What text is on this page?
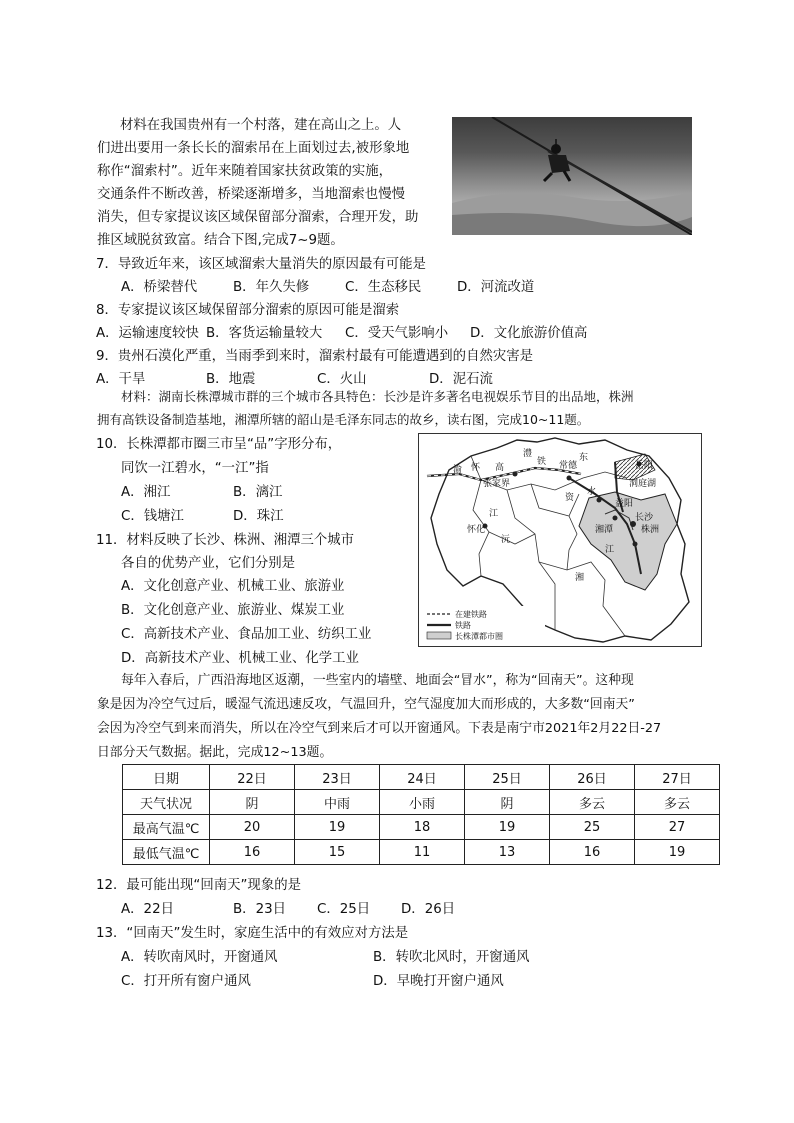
材料在我国贵州有一个村落，建在高山之上。人
们进出要用一条长长的溜索吊在上面划过去,被形象地
称作“溜索村”。近年来随着国家扶贫政策的实施，
交通条件不断改善，桥梁逐渐增多，当地溜索也慢慢
消失，但专家提议该区域保留部分溜索，合理开发，助
推区域脱贫致富。结合下图,完成7~9题。
7．导致近年来，该区域溜索大量消失的原因最有可能是
A．桥梁替代	B．年久失修	C．生态移民	D．河流改道
8．专家提议该区域保留部分溜索的原因可能是溜索
A．运输速度较快 B．客货运输量较大 C．受天气影响小 D．文化旅游价值高
9．贵州石漠化严重，当雨季到来时，溜索村最有可能遭遇到的自然灾害是
A．干旱	B．地震	C．火山	D．泥石流
材料：湖南长株潭城市群的三个城市各具特色：长沙是许多著名电视娱乐节目的出品地，株洲
拥有高铁设备制造基地，湘潭所辖的韶山是毛泽东同志的故乡，读右图，完成10~11题。
10．长株潭都市圈三市呈“品”字形分布，
同饮一江碧水，“一江”指
A．湘江	B．漓江
C．钱塘江	D．珠江
11．材料反映了长沙、株洲、湘潭三个城市
各自的优势产业，它们分别是
A．文化创意产业、机械工业、旅游业
B．文化创意产业、旅游业、煤炭工业
C．高新技术产业、食品加工业、纺织工业
D．高新技术产业、机械工业、化学工业
益阳
岳阳
洞庭湖
长沙
湘潭	株洲
常德
张家界
怀化
渝 怀 高
铁
澧	东
水
资
江
沅
江
湘
在建铁路
铁路
长株潭都市圈
每年入春后，广西沿海地区返潮，一些室内的墙壁、地面会“冒水”，称为“回南天”。这种现
象是因为冷空气过后，暖湿气流迅速反攻，气温回升，空气湿度加大而形成的，大多数“回南天”
会因为冷空气到来而消失，所以在冷空气到来后才可以开窗通风。下表是南宁市2021年2月22日-27
日部分天气数据。据此，完成12~13题。
日期	22日	23日	24日	25日	26日	27日
天气状况	阴	中雨	小雨	阴	多云	多云
最高气温℃	20	19	18	19	25	27
最低气温℃	16	15	11	13	16	19
12．最可能出现“回南天”现象的是
A．22日	B．23日 C．25日 D．26日
13．“回南天”发生时，家庭生活中的有效应对方法是
A．转吹南风时，开窗通风	B．转吹北风时，开窗通风
C．打开所有窗户通风	D．早晚打开窗户通风
